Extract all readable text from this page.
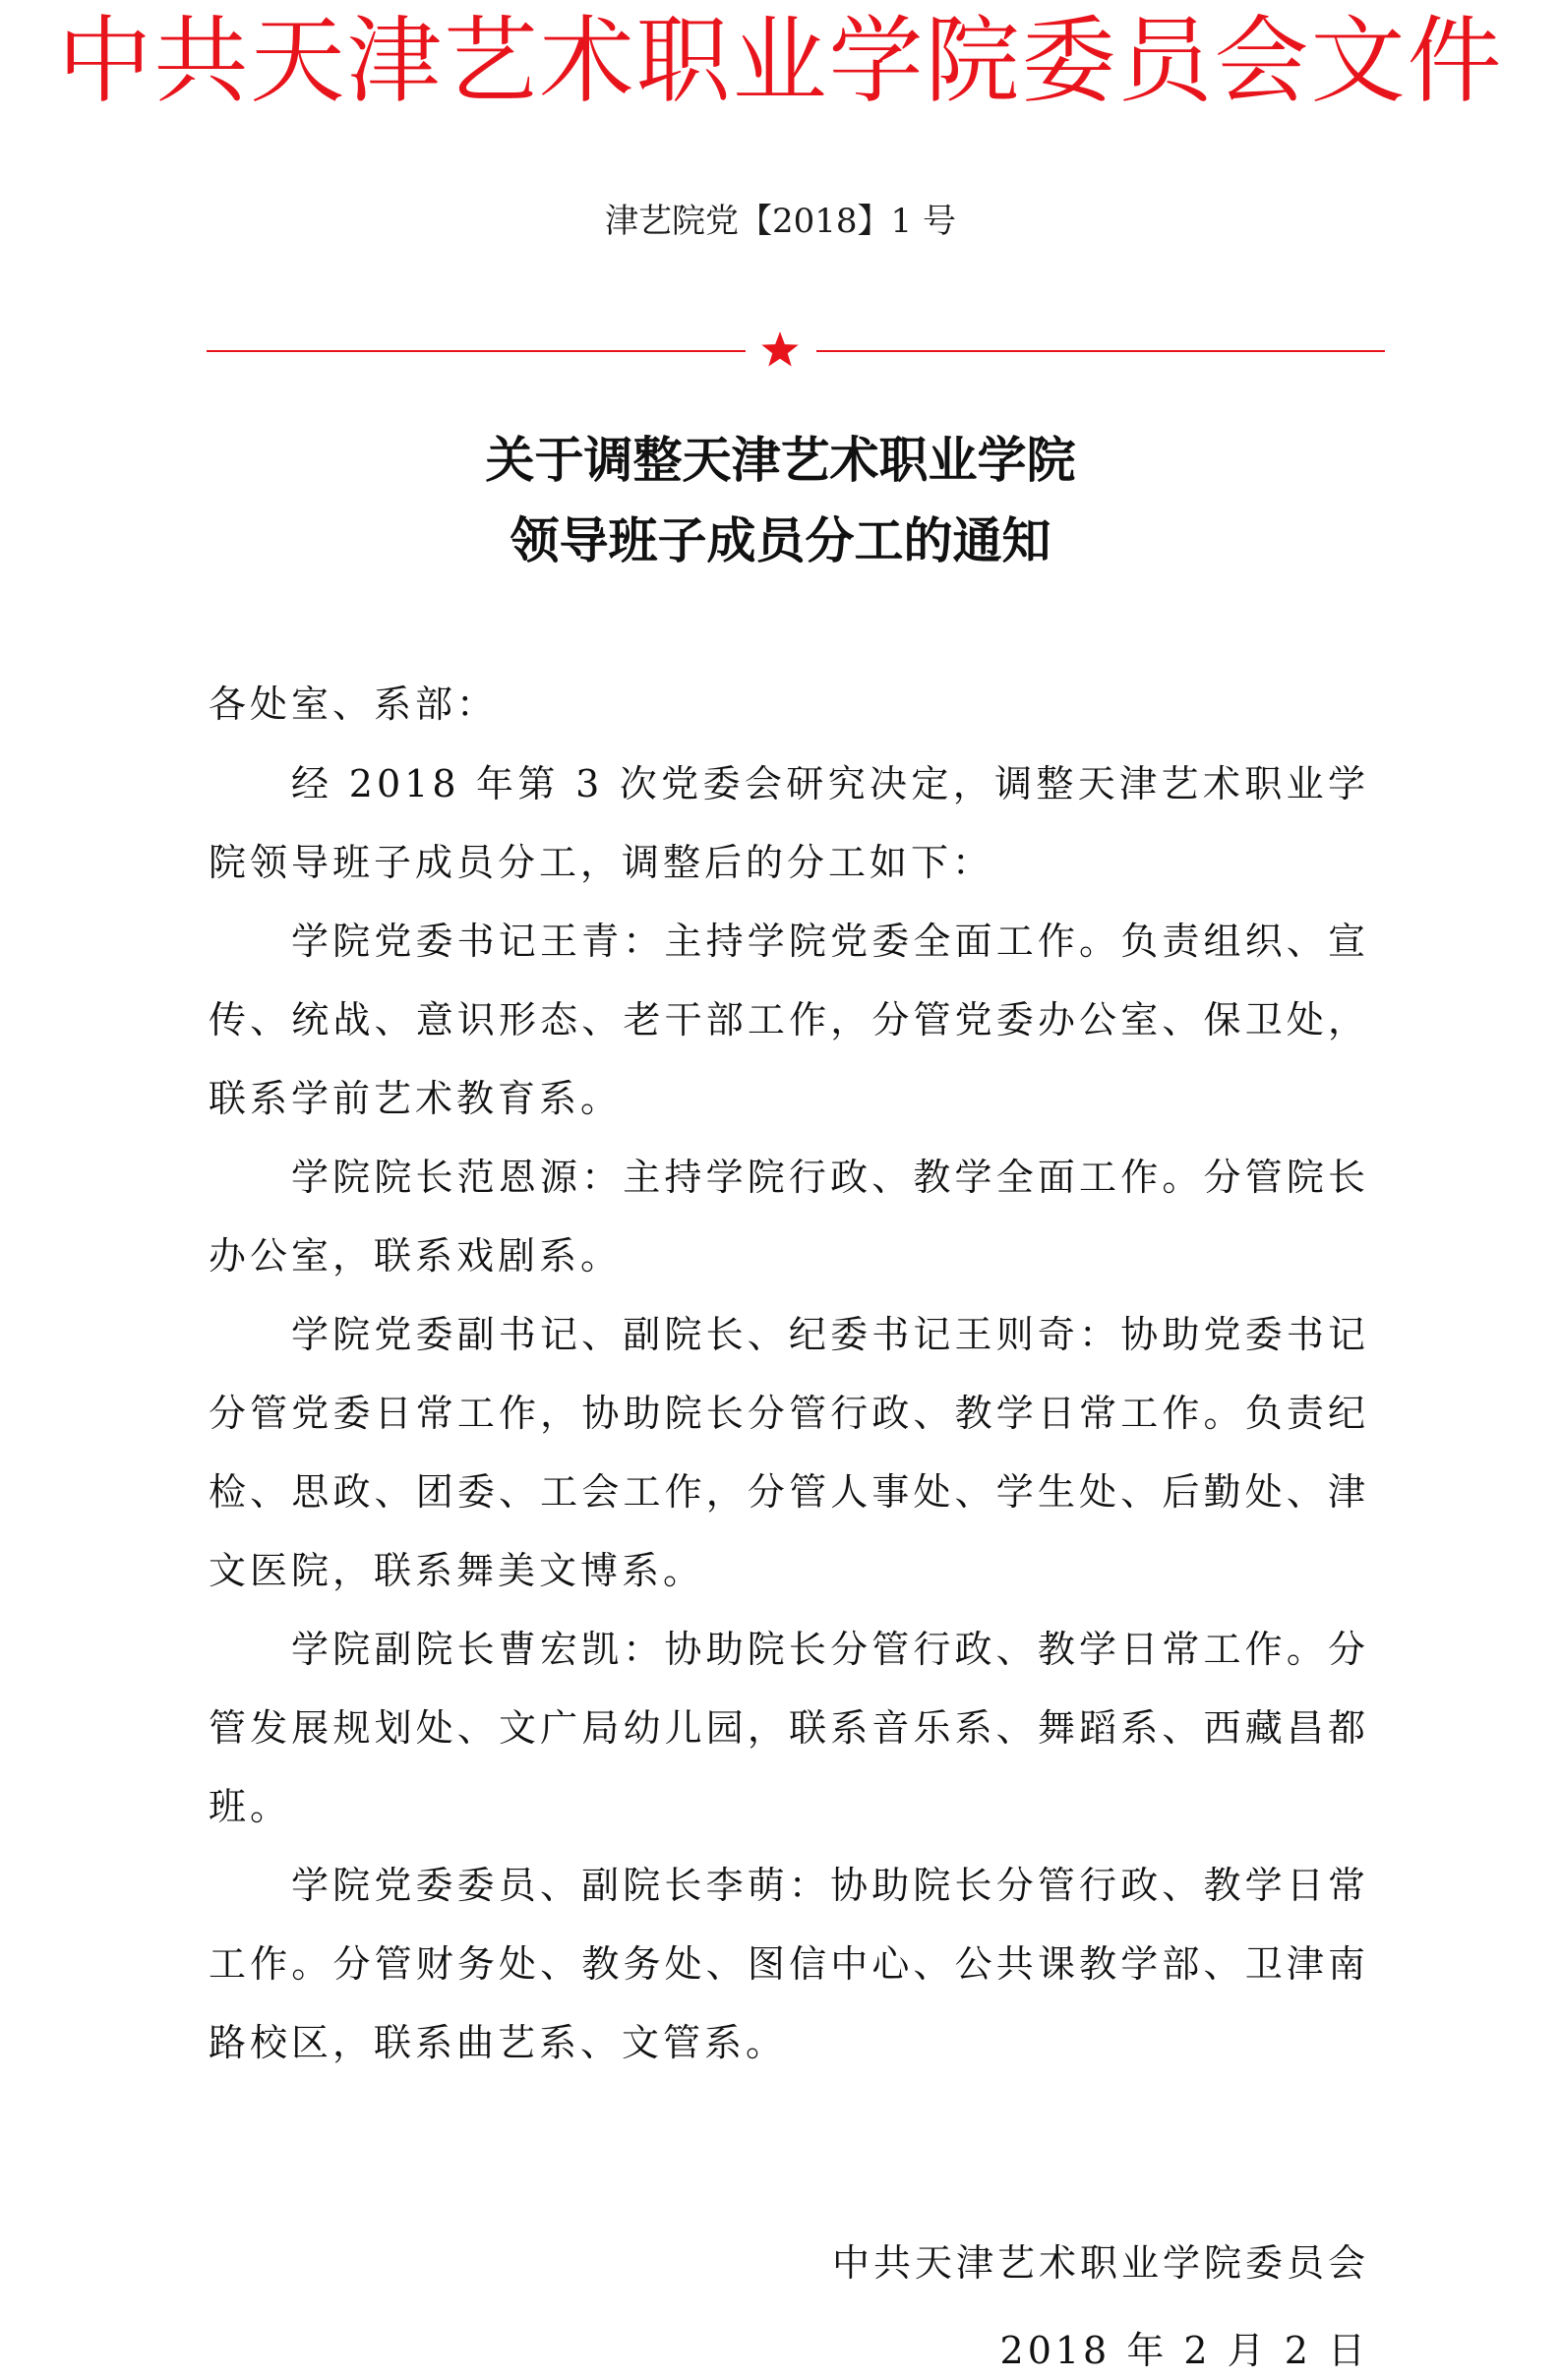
中共天津艺术职业学院委员会文件
津艺院党【2018】1 号
关于调整天津艺术职业学院
领导班子成员分工的通知
各处室、系部：

经 2018 年第 3 次党委会研究决定，调整天津艺术职业学院领导班子成员分工，调整后的分工如下：

学院党委书记王青：主持学院党委全面工作。负责组织、宣传、统战、意识形态、老干部工作，分管党委办公室、保卫处，联系学前艺术教育系。

学院院长范恩源：主持学院行政、教学全面工作。分管院长办公室，联系戏剧系。

学院党委副书记、副院长、纪委书记王则奇：协助党委书记分管党委日常工作，协助院长分管行政、教学日常工作。负责纪检、思政、团委、工会工作，分管人事处、学生处、后勤处、津文医院，联系舞美文博系。

学院副院长曹宏凯：协助院长分管行政、教学日常工作。分管发展规划处、文广局幼儿园，联系音乐系、舞蹈系、西藏昌都班。

学院党委委员、副院长李萌：协助院长分管行政、教学日常工作。分管财务处、教务处、图信中心、公共课教学部、卫津南路校区，联系曲艺系、文管系。

中共天津艺术职业学院委员会
2018 年 2 月 2 日
